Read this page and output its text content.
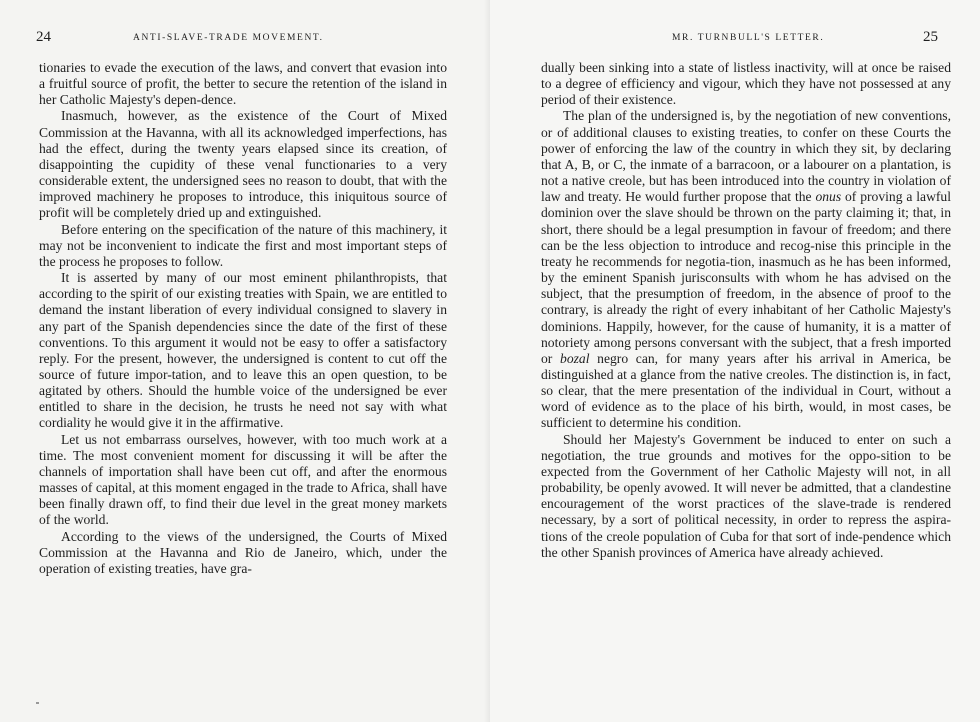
24	ANTI-SLAVE-TRADE MOVEMENT.

tionaries to evade the execution of the laws, and convert that evasion into a fruitful source of profit, the better to secure the retention of the island in her Catholic Majesty's depen-dence.

Inasmuch, however, as the existence of the Court of Mixed Commission at the Havanna, with all its acknowledged imperfections, has had the effect, during the twenty years elapsed since its creation, of disappointing the cupidity of these venal functionaries to a very considerable extent, the undersigned sees no reason to doubt, that with the improved machinery he proposes to introduce, this iniquitous source of profit will be completely dried up and extinguished.

Before entering on the specification of the nature of this machinery, it may not be inconvenient to indicate the first and most important steps of the process he proposes to follow.

It is asserted by many of our most eminent philanthropists, that according to the spirit of our existing treaties with Spain, we are entitled to demand the instant liberation of every individual consigned to slavery in any part of the Spanish dependencies since the date of the first of these conventions. To this argument it would not be easy to offer a satisfactory reply. For the present, however, the undersigned is content to cut off the source of future impor-tation, and to leave this an open question, to be agitated by others. Should the humble voice of the undersigned be ever entitled to share in the decision, he trusts he need not say with what cordiality he would give it in the affirmative.

Let us not embarrass ourselves, however, with too much work at a time. The most convenient moment for discussing it will be after the channels of importation shall have been cut off, and after the enormous masses of capital, at this moment engaged in the trade to Africa, shall have been finally drawn off, to find their due level in the great money markets of the world.

According to the views of the undersigned, the Courts of Mixed Commission at the Havanna and Rio de Janeiro, which, under the operation of existing treaties, have gra-

MR. TURNBULL'S LETTER.	25

dually been sinking into a state of listless inactivity, will at once be raised to a degree of efficiency and vigour, which they have not possessed at any period of their existence.

The plan of the undersigned is, by the negotiation of new conventions, or of additional clauses to existing treaties, to confer on these Courts the power of enforcing the law of the country in which they sit, by declaring that A, B, or C, the inmate of a barracoon, or a labourer on a plantation, is not a native creole, but has been introduced into the country in violation of law and treaty. He would further propose that the onus of proving a lawful dominion over the slave should be thrown on the party claiming it; that, in short, there should be a legal presumption in favour of freedom; and there can be the less objection to introduce and recog-nise this principle in the treaty he recommends for negotia-tion, inasmuch as he has been informed, by the eminent Spanish jurisconsults with whom he has advised on the subject, that the presumption of freedom, in the absence of proof to the contrary, is already the right of every inhabitant of her Catholic Majesty's dominions. Happily, however, for the cause of humanity, it is a matter of notoriety among persons conversant with the subject, that a fresh imported or bozal negro can, for many years after his arrival in America, be distinguished at a glance from the native creoles. The distinction is, in fact, so clear, that the mere presentation of the individual in Court, without a word of evidence as to the place of his birth, would, in most cases, be sufficient to determine his condition.

Should her Majesty's Government be induced to enter on such a negotiation, the true grounds and motives for the oppo-sition to be expected from the Government of her Catholic Majesty will not, in all probability, be openly avowed. It will never be admitted, that a clandestine encouragement of the worst practices of the slave-trade is rendered necessary, by a sort of political necessity, in order to repress the aspira-tions of the creole population of Cuba for that sort of inde-pendence which the other Spanish provinces of America have already achieved.
